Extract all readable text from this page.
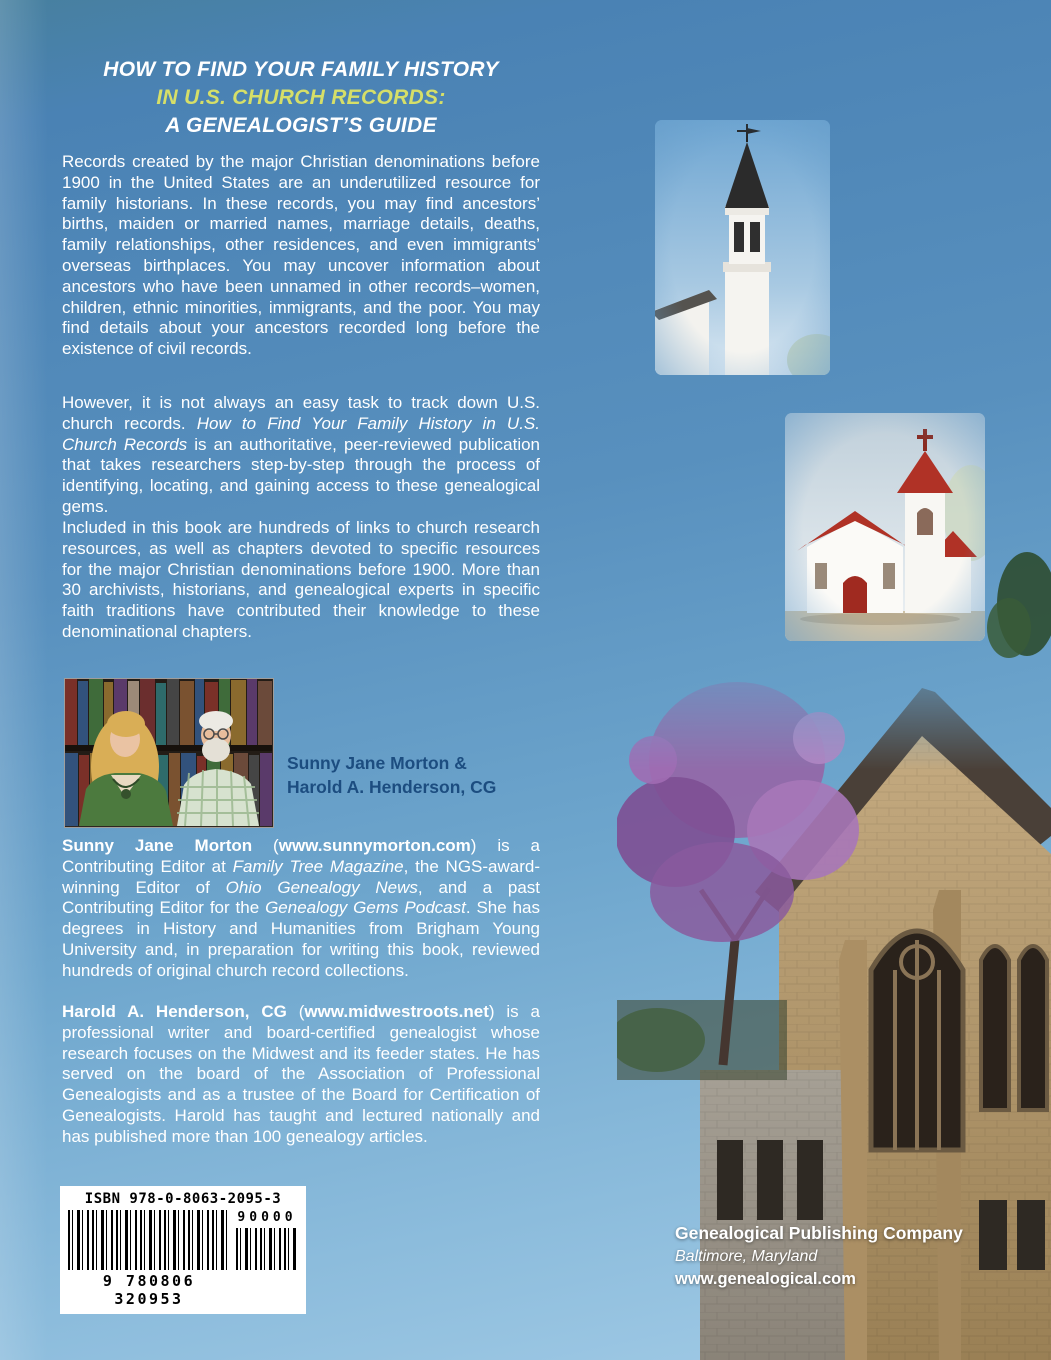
HOW TO FIND YOUR FAMILY HISTORY
IN U.S. CHURCH RECORDS:
A GENEALOGIST’S GUIDE

Records created by the major Christian denominations before 1900 in the United States are an underutilized resource for family historians. In these records, you may find ancestors’ births, maiden or married names, marriage details, deaths, family relationships, other residences, and even immigrants’ overseas birthplaces. You may uncover information about ancestors who have been unnamed in other records–women, children, ethnic minorities, immigrants, and the poor. You may find details about your ancestors recorded long before the existence of civil records.

However, it is not always an easy task to track down U.S. church records. How to Find Your Family History in U.S. Church Records is an authoritative, peer-reviewed publication that takes researchers step-by-step through the process of identifying, locating, and gaining access to these genealogical gems.

Included in this book are hundreds of links to church research resources, as well as chapters devoted to specific resources for the major Christian denominations before 1900. More than 30 archivists, historians, and genealogical experts in specific faith traditions have contributed their knowledge to these denominational chapters.

Sunny Jane Morton &
Harold A. Henderson, CG

Sunny Jane Morton (www.sunnymorton.com) is a Contributing Editor at Family Tree Magazine, the NGS-award-winning Editor of Ohio Genealogy News, and a past Contributing Editor for the Genealogy Gems Podcast. She has degrees in History and Humanities from Brigham Young University and, in preparation for writing this book, reviewed hundreds of original church record collections.

Harold A. Henderson, CG (www.midwestroots.net) is a professional writer and board-certified genealogist whose research focuses on the Midwest and its feeder states. He has served on the board of the Association of Professional Genealogists and as a trustee of the Board for Certification of Genealogists. Harold has taught and lectured nationally and has published more than 100 genealogy articles.

ISBN 978-0-8063-2095-3
9 780806 320953
90000
Genealogical Publishing Company
Baltimore, Maryland
www.genealogical.com
